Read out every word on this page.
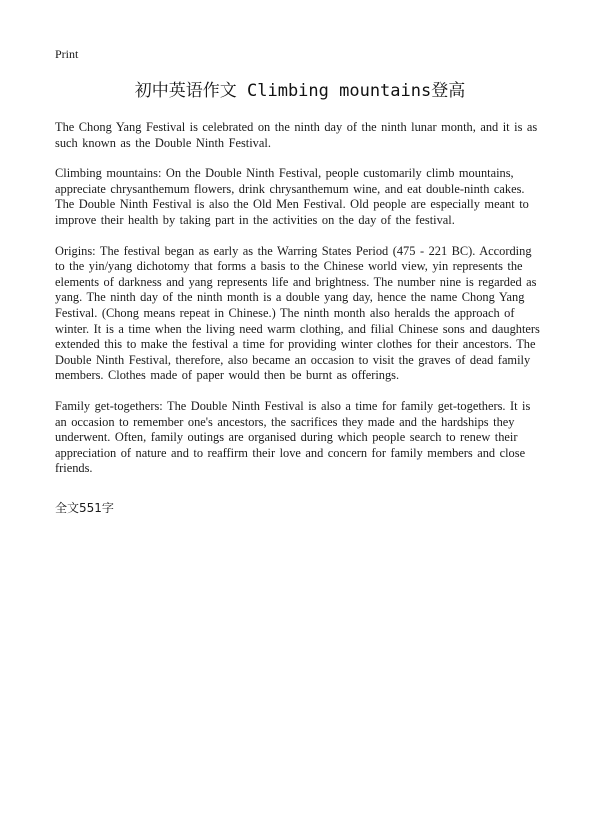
Print
初中英语作文 Climbing mountains登高

The Chong Yang Festival is celebrated on the ninth day of the ninth lunar month, and it is as such known as the Double Ninth Festival.

Climbing mountains: On the Double Ninth Festival, people customarily climb mountains, appreciate chrysanthemum flowers, drink chrysanthemum wine, and eat double-ninth cakes. The Double Ninth Festival is also the Old Men Festival. Old people are especially meant to improve their health by taking part in the activities on the day of the festival.

Origins: The festival began as early as the Warring States Period (475 - 221 BC). According to the yin/yang dichotomy that forms a basis to the Chinese world view, yin represents the elements of darkness and yang represents life and brightness. The number nine is regarded as yang. The ninth day of the ninth month is a double yang day, hence the name Chong Yang Festival. (Chong means repeat in Chinese.) The ninth month also heralds the approach of winter. It is a time when the living need warm clothing, and filial Chinese sons and daughters extended this to make the festival a time for providing winter clothes for their ancestors. The Double Ninth Festival, therefore, also became an occasion to visit the graves of dead family members. Clothes made of paper would then be burnt as offerings.

Family get-togethers: The Double Ninth Festival is also a time for family get-togethers. It is an occasion to remember one's ancestors, the sacrifices they made and the hardships they underwent. Often, family outings are organised during which people search to renew their appreciation of nature and to reaffirm their love and concern for family members and close friends.

全文551字
